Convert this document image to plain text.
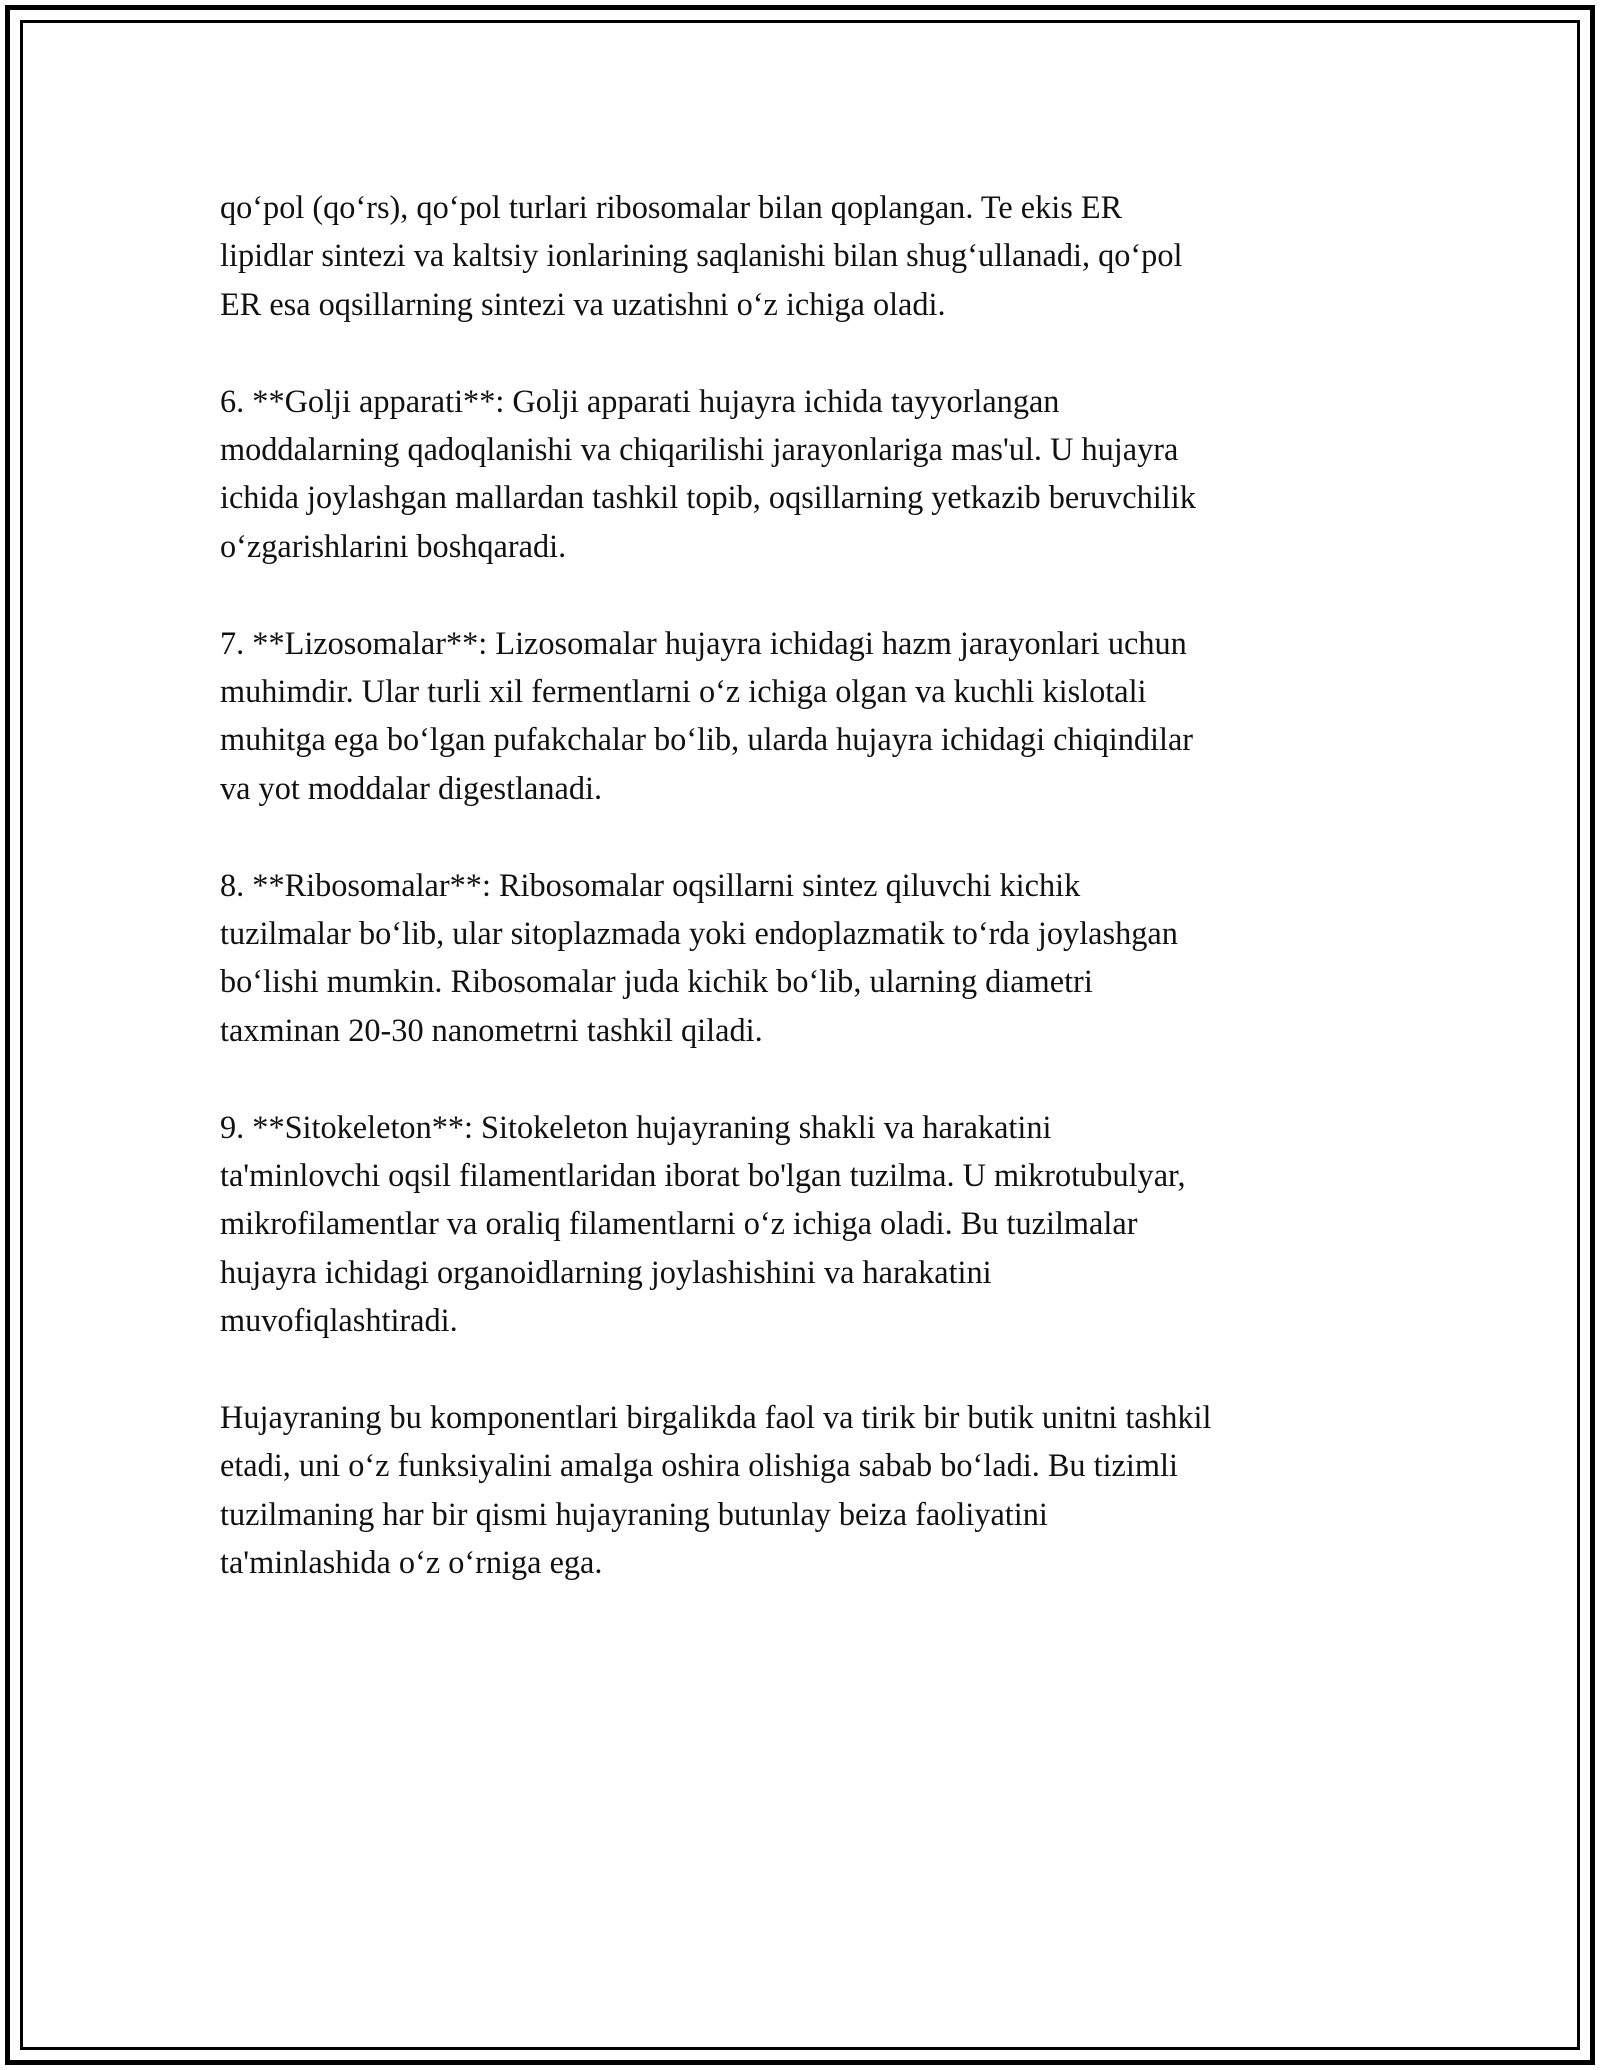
qo‘pol (qo‘rs), qo‘pol turlari ribosomalar bilan qoplangan. Te ekis ER
lipidlar sintezi va kaltsiy ionlarining saqlanishi bilan shug‘ullanadi, qo‘pol
ER esa oqsillarning sintezi va uzatishni o‘z ichiga oladi.

6. **Golji apparati**: Golji apparati hujayra ichida tayyorlangan
moddalarning qadoqlanishi va chiqarilishi jarayonlariga mas'ul. U hujayra
ichida joylashgan mallardan tashkil topib, oqsillarning yetkazib beruvchilik
o‘zgarishlarini boshqaradi.

7. **Lizosomalar**: Lizosomalar hujayra ichidagi hazm jarayonlari uchun
muhimdir. Ular turli xil fermentlarni o‘z ichiga olgan va kuchli kislotali
muhitga ega bo‘lgan pufakchalar bo‘lib, ularda hujayra ichidagi chiqindilar
va yot moddalar digestlanadi.

8. **Ribosomalar**: Ribosomalar oqsillarni sintez qiluvchi kichik
tuzilmalar bo‘lib, ular sitoplazmada yoki endoplazmatik to‘rda joylashgan
bo‘lishi mumkin. Ribosomalar juda kichik bo‘lib, ularning diametri
taxminan 20-30 nanometrni tashkil qiladi.

9. **Sitokeleton**: Sitokeleton hujayraning shakli va harakatini
ta'minlovchi oqsil filamentlaridan iborat bo'lgan tuzilma. U mikrotubulyar,
mikrofilamentlar va oraliq filamentlarni o‘z ichiga oladi. Bu tuzilmalar
hujayra ichidagi organoidlarning joylashishini va harakatini
muvofiqlashtiradi.

Hujayraning bu komponentlari birgalikda faol va tirik bir butik unitni tashkil
etadi, uni o‘z funksiyalini amalga oshira olishiga sabab bo‘ladi. Bu tizimli
tuzilmaning har bir qismi hujayraning butunlay beiza faoliyatini
ta'minlashida o‘z o‘rniga ega.
